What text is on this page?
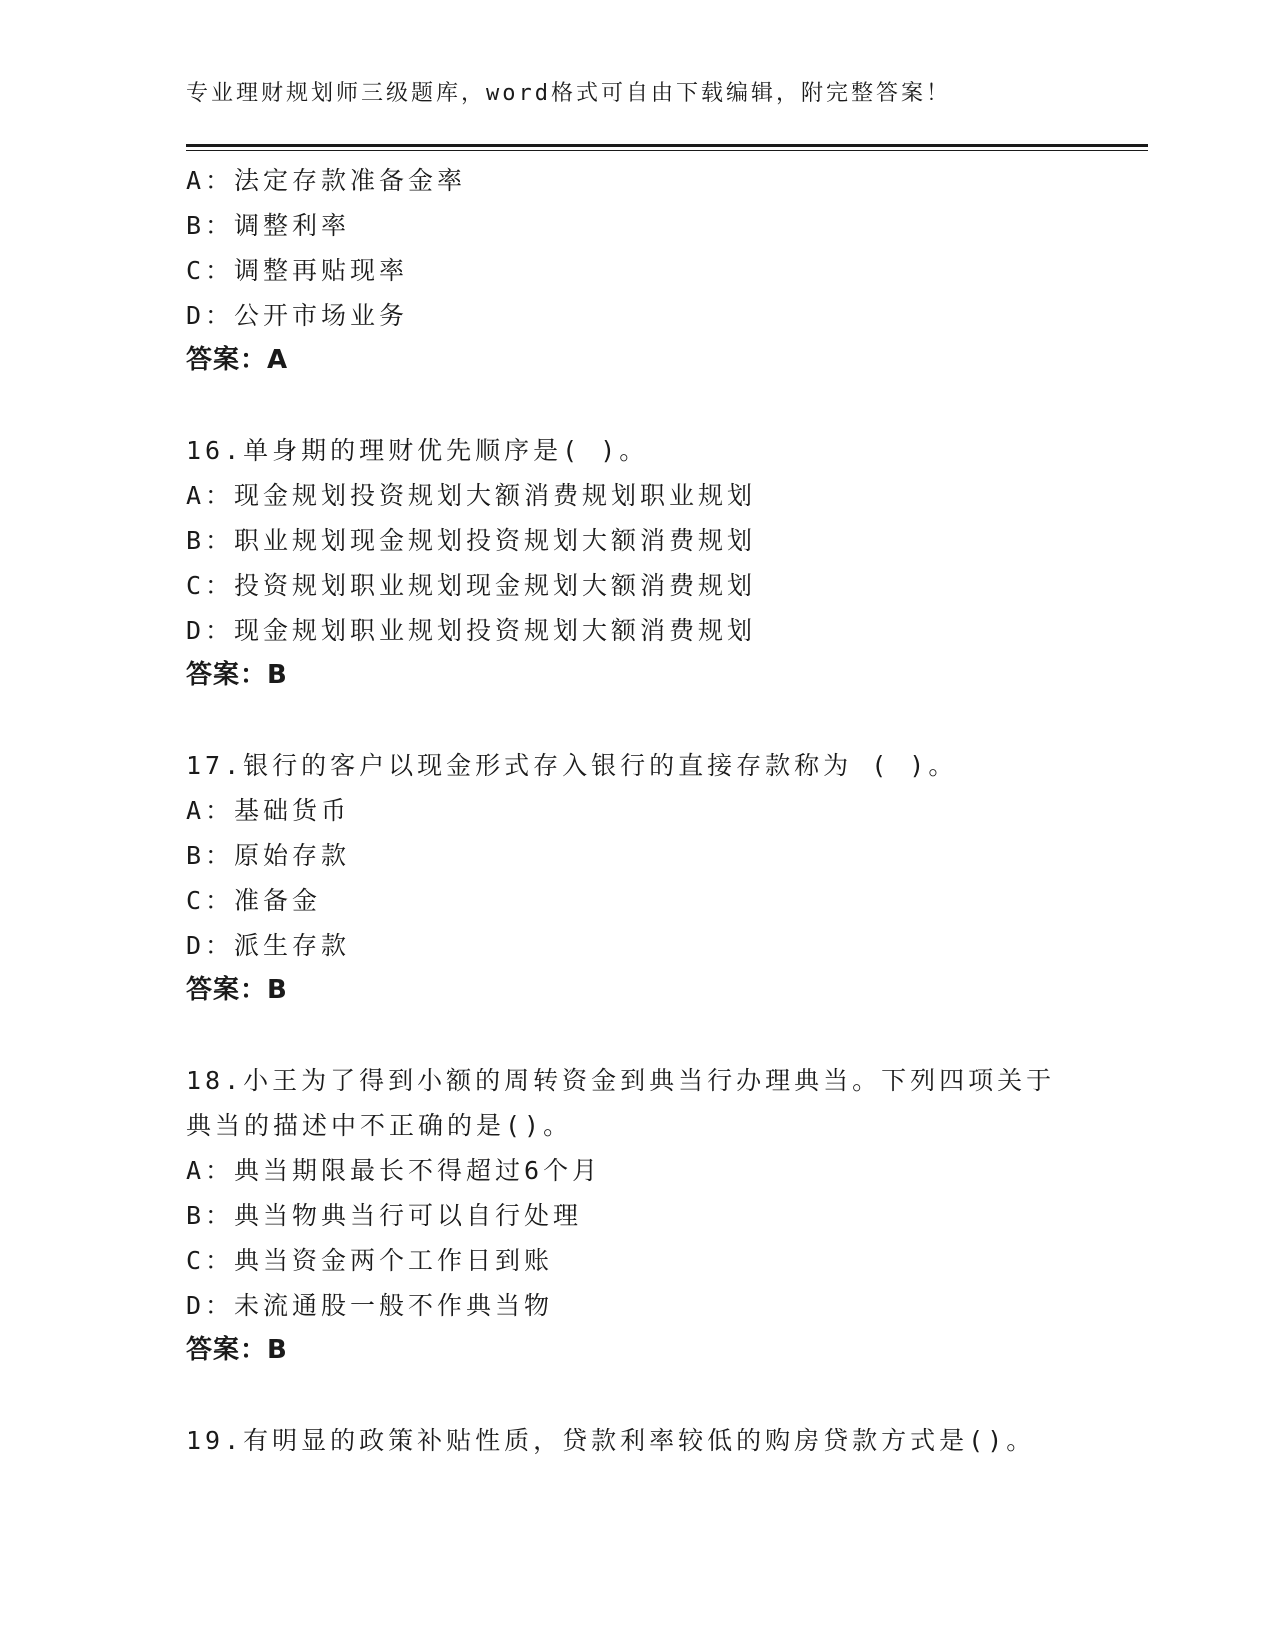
专业理财规划师三级题库，word格式可自由下载编辑，附完整答案！
A：法定存款准备金率
B：调整利率
C：调整再贴现率
D：公开市场业务
答案：A
16.单身期的理财优先顺序是( )。
A：现金规划投资规划大额消费规划职业规划
B：职业规划现金规划投资规划大额消费规划
C：投资规划职业规划现金规划大额消费规划
D：现金规划职业规划投资规划大额消费规划
答案：B
17.银行的客户以现金形式存入银行的直接存款称为 ( )。
A：基础货币
B：原始存款
C：准备金
D：派生存款
答案：B
18.小王为了得到小额的周转资金到典当行办理典当。下列四项关于典当的描述中不正确的是()。
A：典当期限最长不得超过6个月
B：典当物典当行可以自行处理
C：典当资金两个工作日到账
D：未流通股一般不作典当物
答案：B
19.有明显的政策补贴性质，贷款利率较低的购房贷款方式是()。
